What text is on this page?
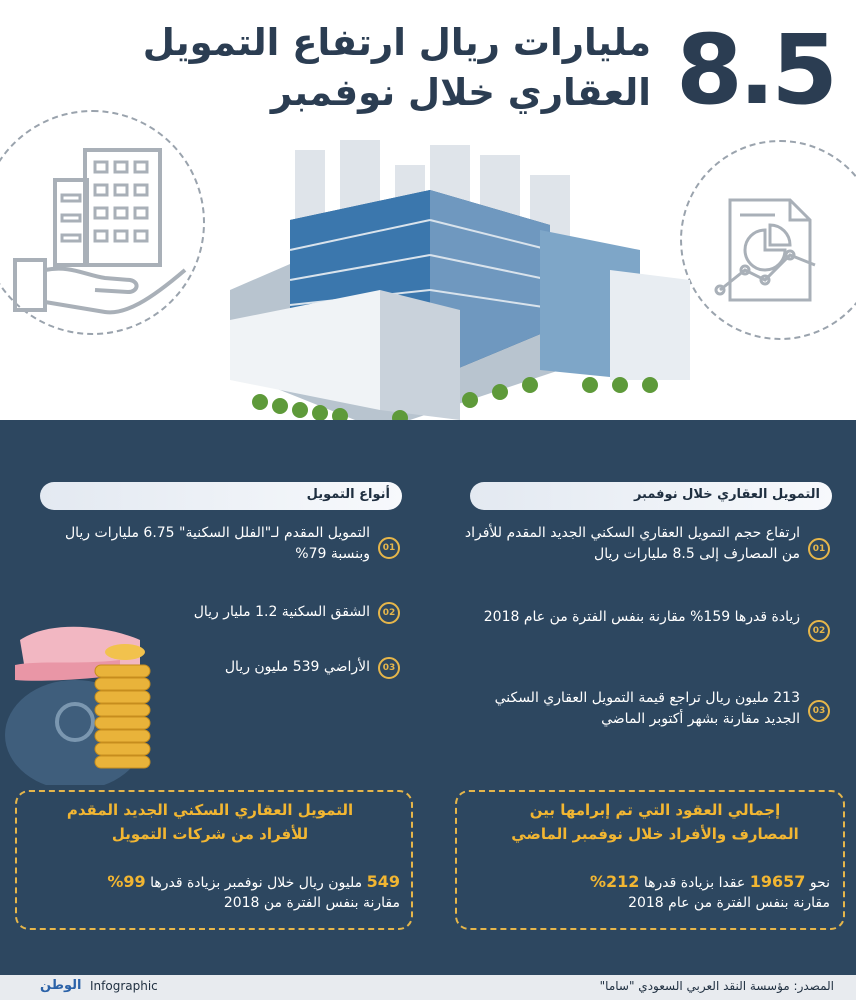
8.5
مليارات ريال ارتفاع التمويل
العقاري خلال نوفمبر
التمويل العقاري خلال نوفمبر
أنواع التمويل
01
ارتفاع حجم التمويل العقاري السكني الجديد المقدم للأفراد من المصارف إلى 8.5 مليارات ريال
02
زيادة قدرها 159% مقارنة بنفس الفترة من عام 2018
03
213 مليون ريال تراجع قيمة التمويل العقاري السكني الجديد مقارنة بشهر أكتوبر الماضي
01
التمويل المقدم لـ"الفلل السكنية" 6.75 مليارات ريال وبنسبة 79%
02
الشقق السكنية 1.2 مليار ريال
03
الأراضي 539 مليون ريال
إجمالي العقود التي تم إبرامها بين المصارف والأفراد خلال نوفمبر الماضي
نحو 19657 عقدا بزيادة قدرها 212%
مقارنة بنفس الفترة من عام 2018
التمويل العقاري السكني الجديد المقدم للأفراد من شركات التمويل
549 مليون ريال خلال نوفمبر بزيادة قدرها 99%
مقارنة بنفس الفترة من 2018
المصدر: مؤسسة النقد العربي السعودي "ساما"
الوطن Infographic
